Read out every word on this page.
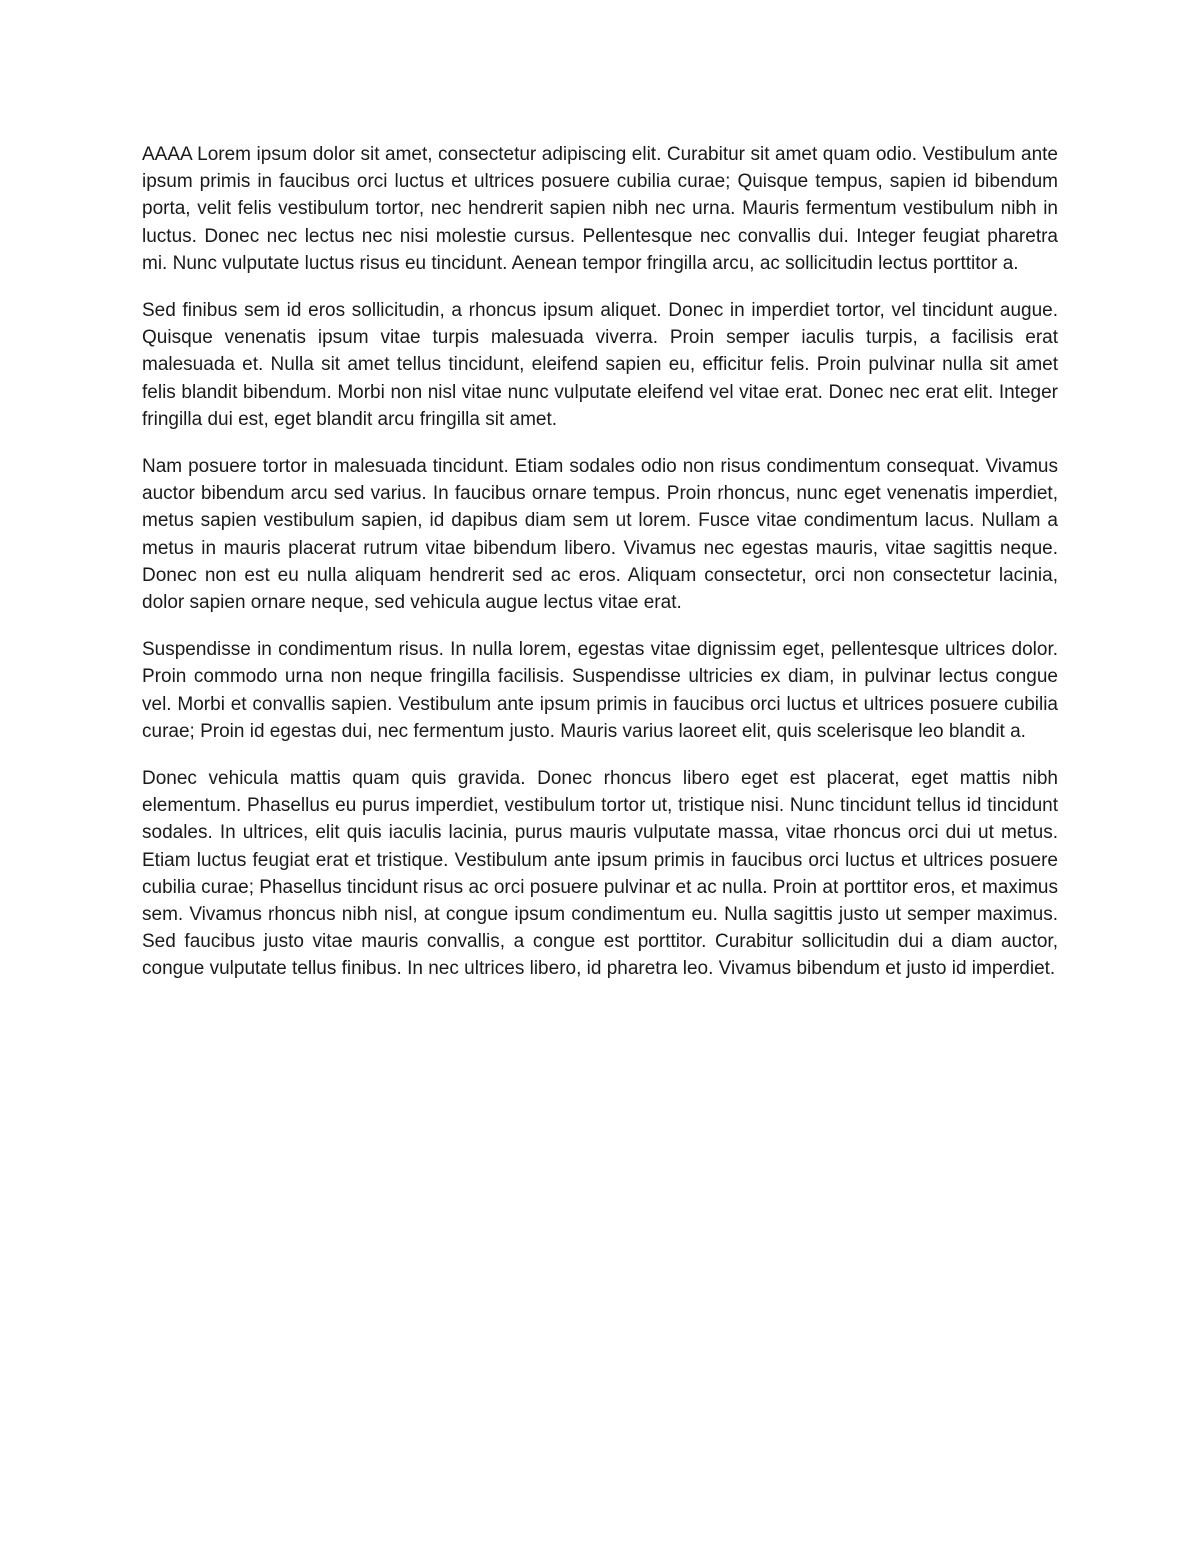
AAAA Lorem ipsum dolor sit amet, consectetur adipiscing elit. Curabitur sit amet quam odio. Vestibulum ante ipsum primis in faucibus orci luctus et ultrices posuere cubilia curae; Quisque tempus, sapien id bibendum porta, velit felis vestibulum tortor, nec hendrerit sapien nibh nec urna. Mauris fermentum vestibulum nibh in luctus. Donec nec lectus nec nisi molestie cursus. Pellentesque nec convallis dui. Integer feugiat pharetra mi. Nunc vulputate luctus risus eu tincidunt. Aenean tempor fringilla arcu, ac sollicitudin lectus porttitor a.

Sed finibus sem id eros sollicitudin, a rhoncus ipsum aliquet. Donec in imperdiet tortor, vel tincidunt augue. Quisque venenatis ipsum vitae turpis malesuada viverra. Proin semper iaculis turpis, a facilisis erat malesuada et. Nulla sit amet tellus tincidunt, eleifend sapien eu, efficitur felis. Proin pulvinar nulla sit amet felis blandit bibendum. Morbi non nisl vitae nunc vulputate eleifend vel vitae erat. Donec nec erat elit. Integer fringilla dui est, eget blandit arcu fringilla sit amet.

Nam posuere tortor in malesuada tincidunt. Etiam sodales odio non risus condimentum consequat. Vivamus auctor bibendum arcu sed varius. In faucibus ornare tempus. Proin rhoncus, nunc eget venenatis imperdiet, metus sapien vestibulum sapien, id dapibus diam sem ut lorem. Fusce vitae condimentum lacus. Nullam a metus in mauris placerat rutrum vitae bibendum libero. Vivamus nec egestas mauris, vitae sagittis neque. Donec non est eu nulla aliquam hendrerit sed ac eros. Aliquam consectetur, orci non consectetur lacinia, dolor sapien ornare neque, sed vehicula augue lectus vitae erat.

Suspendisse in condimentum risus. In nulla lorem, egestas vitae dignissim eget, pellentesque ultrices dolor. Proin commodo urna non neque fringilla facilisis. Suspendisse ultricies ex diam, in pulvinar lectus congue vel. Morbi et convallis sapien. Vestibulum ante ipsum primis in faucibus orci luctus et ultrices posuere cubilia curae; Proin id egestas dui, nec fermentum justo. Mauris varius laoreet elit, quis scelerisque leo blandit a.

Donec vehicula mattis quam quis gravida. Donec rhoncus libero eget est placerat, eget mattis nibh elementum. Phasellus eu purus imperdiet, vestibulum tortor ut, tristique nisi. Nunc tincidunt tellus id tincidunt sodales. In ultrices, elit quis iaculis lacinia, purus mauris vulputate massa, vitae rhoncus orci dui ut metus. Etiam luctus feugiat erat et tristique. Vestibulum ante ipsum primis in faucibus orci luctus et ultrices posuere cubilia curae; Phasellus tincidunt risus ac orci posuere pulvinar et ac nulla. Proin at porttitor eros, et maximus sem. Vivamus rhoncus nibh nisl, at congue ipsum condimentum eu. Nulla sagittis justo ut semper maximus. Sed faucibus justo vitae mauris convallis, a congue est porttitor. Curabitur sollicitudin dui a diam auctor, congue vulputate tellus finibus. In nec ultrices libero, id pharetra leo. Vivamus bibendum et justo id imperdiet.
